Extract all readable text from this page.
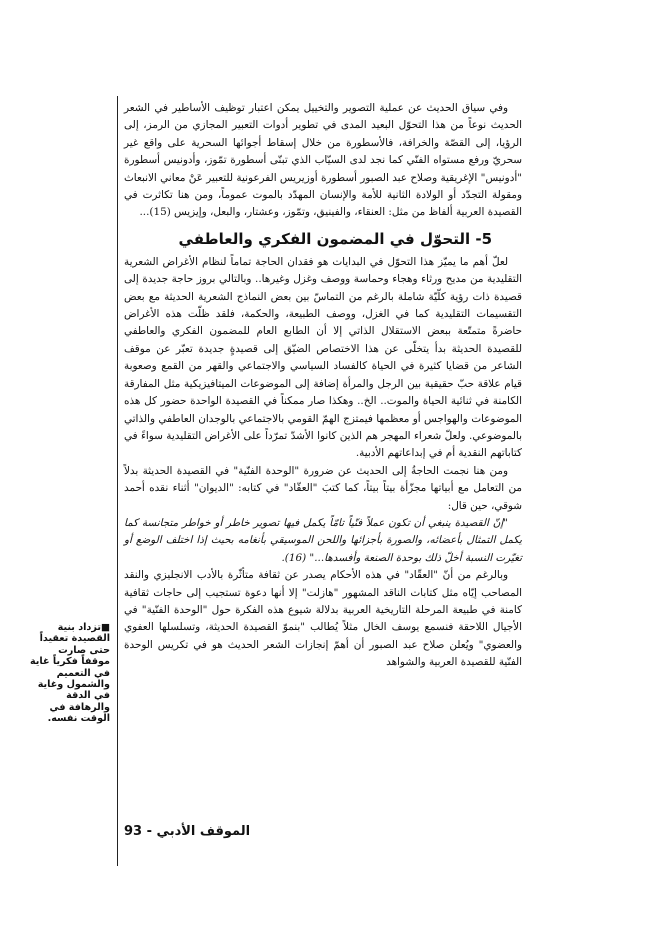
وفي سياق الحديث عن عملية التصوير والتخييل يمكن اعتبار توظيف الأساطير في الشعر الحديث نوعاً من هذا التحوّل البعيد المدى في تطوير أدوات التعبير المجازي من الرمز، إلى الرؤيا، إلى القصّة والخرافة، فالأسطورة من خلال إسقاط أجوائها السحرية على واقع غير سحريّ ورفع مستواه الفنّي كما نجد لدى السيّاب الذي تبنّى أسطورة تمّوز، وأدونيس أسطورة "أدونيس" الإغريقية وصلاح عبد الصبور أسطورة أوزيريس الفرعونية للتعبير عَنْ معاني الانبعاث ومقولة التجدّد أو الولادة الثانية للأمة والإنسان المهدّد بالموت عموماً، ومن هنا تكاثرت في القصيدة العربية ألفاظ من مثل: العنقاء، والفينيق، وتمّوز، وعشتار، والبعل، وإيزيس (15)...

5- التحوّل في المضمون الفكري والعاطفي

لعلّ أهم ما يميّز هذا التحوّل في البدايات هو فقدان الحاجة تماماً لنظام الأغراض الشعرية التقليدية من مديح ورثاء وهجاء وحماسة ووصف وغزل وغيرها.. وبالتالي بروز حاجة جديدة إلى قصيدة ذات رؤية كلّيّة شاملة بالرغم من التماسّ بين بعض النماذج الشعرية الحديثة مع بعض التقسيمات التقليدية كما في الغزل، ووصف الطبيعة، والحكمة، فلقد ظلّت هذه الأغراض حاضرةً متمتّعة ببعض الاستقلال الذاتي إلا أن الطابع العام للمضمون الفكري والعاطفي للقصيدة الحديثة بدأ يتخلّى عن هذا الاختصاص الضيّق إلى قصيدةٍ جديدة تعبّر عن موقف الشاعر من قضايا كثيرة في الحياة كالفساد السياسي والاجتماعي والقهر من القمع وصعوبة قيام علاقة حبّ حقيقية بين الرجل والمرأة إضافة إلى الموضوعات الميتافيزيكية مثل المفارقة الكامنة في ثنائية الحياة والموت.. الخ.. وهكذا صار ممكناً في القصيدة الواحدة حضور كل هذه الموضوعات والهواجس أو معظمها فيمتزج الهمّ القومي بالاجتماعي بالوجدان العاطفي والذاتي بالموضوعي. ولعلّ شعراء المهجر هم الذين كانوا الأشدّ تمرّداً على الأغراض التقليدية سواءً في كتاباتهم النقدية أم في إبداعاتهم الأدبية.

ومن هنا نجمت الحاجةُ إلى الحديث عن ضرورة "الوحدة الفنّية" في القصيدة الحديثة بدلاً من التعامل مع أبياتها مجزّأة بيتاً بيتاً، كما كتبَ "العقّاد" في كتابه: "الديوان" أثناء نقده أحمد شوقي، حين قال:

"إنّ القصيدة ينبغي أن تكون عملاً فنّياً تامّاً يكمل فيها تصوير خاطر أو خواطر متجانسة كما يكمل التمثال بأعضائه، والصورة بأجزائها واللحن الموسيقي بأنغامه بحيث إذا اختلف الوضع أو تغيّرت النسبة أخلّ ذلك بوحدة الصنعة وأفسدها..." (16).

وبالرغم من أنّ "العقّاد" في هذه الأحكام يصدر عن ثقافة متأثّرة بالأدب الانجليزي والنقد المصاحب إيّاه مثل كتابات الناقد المشهور "هازلت" إلا أنها دعوة تستجيب إلى حاجات ثقافية كامنة في طبيعة المرحلة التاريخية العربية بدلالة شيوع هذه الفكرة حول "الوحدة الفنّية" في الأجيال اللاحقة فنسمع يوسف الخال مثلاً يُطالب "بنموّ القصيدة الحديثة، وتسلسلها العفوي والعضوي" ويُعلن صلاح عبد الصبور أن أهمّ إنجازات الشعر الحديث هو في تكريس الوحدة الفنّية للقصيدة العربية والشواهد

■تزداد بنية القصيدة تعقيداً حتى صارت موقفاً فكرياً غاية في التعميم والشمول وغاية في الدقة والرهافة في الوقت نفسه.
الموقف الأدبي - 93
